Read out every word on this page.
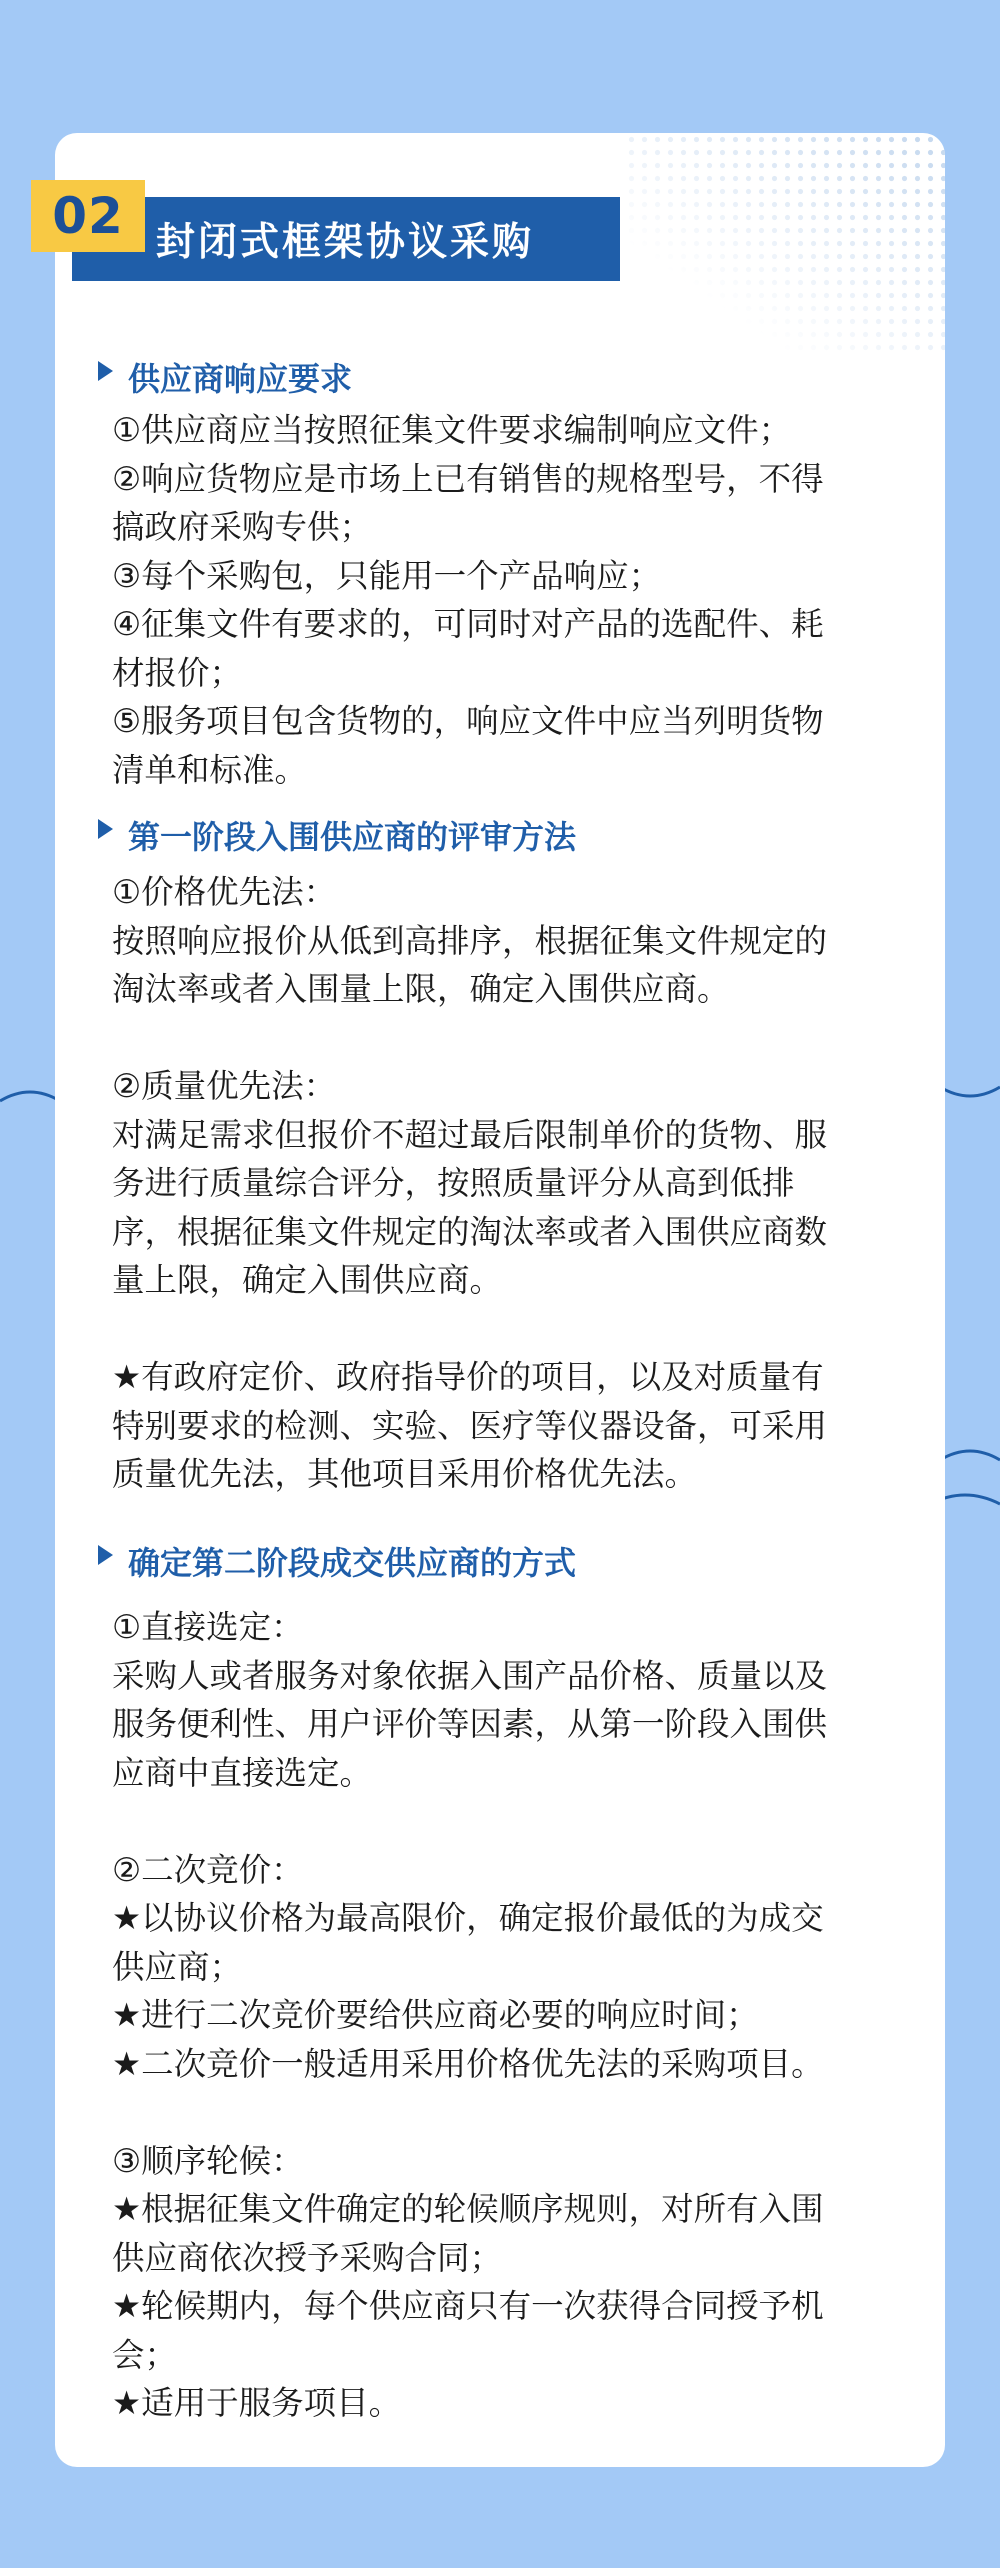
02 封闭式框架协议采购
供应商响应要求
①供应商应当按照征集文件要求编制响应文件；
②响应货物应是市场上已有销售的规格型号，不得
搞政府采购专供；
③每个采购包，只能用一个产品响应；
④征集文件有要求的，可同时对产品的选配件、耗
材报价；
⑤服务项目包含货物的，响应文件中应当列明货物
清单和标准。
第一阶段入围供应商的评审方法
①价格优先法：
按照响应报价从低到高排序，根据征集文件规定的
淘汰率或者入围量上限，确定入围供应商。
②质量优先法：
对满足需求但报价不超过最后限制单价的货物、服
务进行质量综合评分，按照质量评分从高到低排
序，根据征集文件规定的淘汰率或者入围供应商数
量上限，确定入围供应商。
★有政府定价、政府指导价的项目，以及对质量有
特别要求的检测、实验、医疗等仪器设备，可采用
质量优先法，其他项目采用价格优先法。
确定第二阶段成交供应商的方式
①直接选定：
采购人或者服务对象依据入围产品价格、质量以及
服务便利性、用户评价等因素，从第一阶段入围供
应商中直接选定。
②二次竞价：
★以协议价格为最高限价，确定报价最低的为成交
供应商；
★进行二次竞价要给供应商必要的响应时间；
★二次竞价一般适用采用价格优先法的采购项目。
③顺序轮候：
★根据征集文件确定的轮候顺序规则，对所有入围
供应商依次授予采购合同；
★轮候期内，每个供应商只有一次获得合同授予机
会；
★适用于服务项目。
